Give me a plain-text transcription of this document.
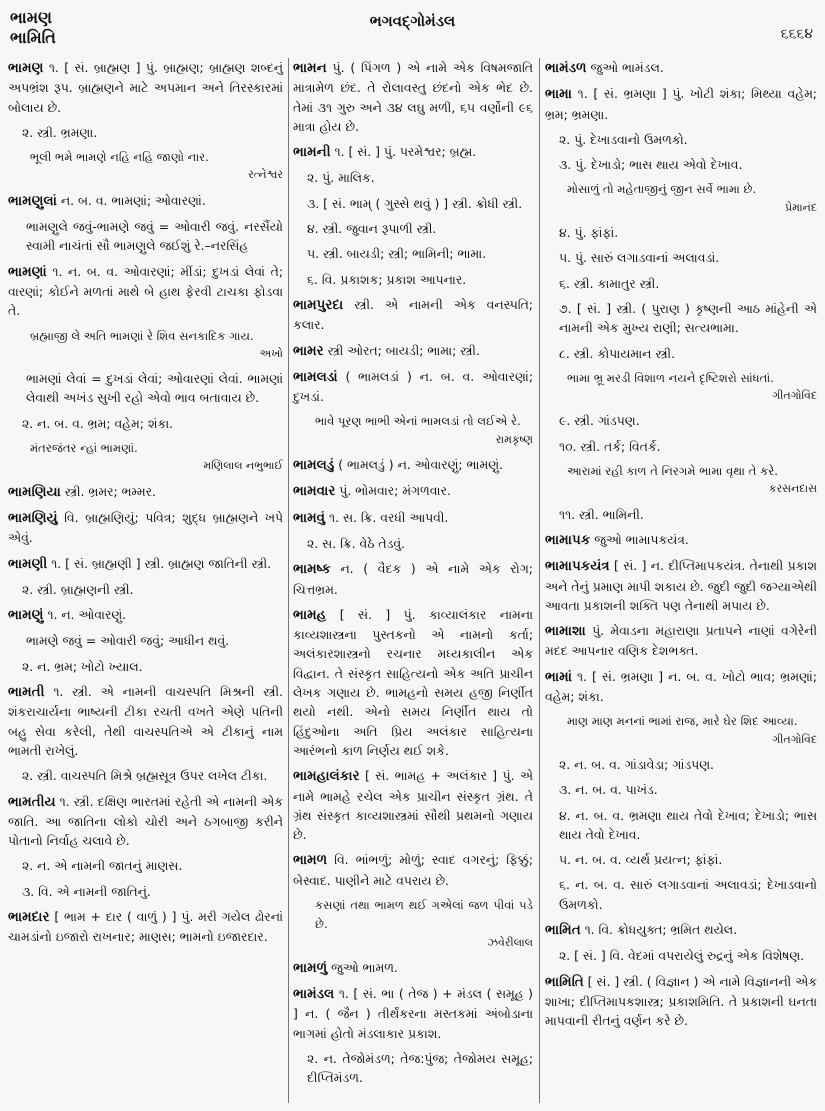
ભામણ
ભામિતિ
ભગવદ્ગોમંડલ
૬૬૬૪
ભામણ ૧. [ સં. બ્રાહ્મણ ] પું. બ્રાહ્મણ; બ્રાહ્મણ શબ્દનું અપભ્રંશ રૂપ. બ્રાહ્મણને માટે અપમાન અને તિરસ્કારમાં બોલાય છે.
૨. સ્ત્રી. ભ્રમણા.
ભૂલી ભમે ભામણે નહિ નહિ જાણો નાર.
રત્નેશ્વર
ભામણુલાં ન. બ. વ. ભામણાં; ઓવારણાં.
ભામણુલે જવું-ભામણે જવું = ઓવારી જવું. નરસૈંયો સ્વામી નાચંતાં સૌ ભામણુલે જઈશું રે.–નરસિંહ
ભામણાં ૧. ન. બ. વ. ઓવારણાં; મીંડાં; દુખડાં લેવાં તે; વારણાં; કોઈને મળતાં માથે બે હાથ ફેરવી ટાચકા ફોડવા તે.
બ્રહ્માજી લે અતિ ભામણાં રે શિવ સનકાદિક ગાય.
અખો
ભામણાં લેવાં = દુખડાં લેવાં; ઓવારણાં લેવાં. ભામણાં લેવાથી અખંડ સુખી રહો એવો ભાવ બતાવાય છે.
૨. ન. બ. વ. ભ્રમ; વહેમ; શંકા.
મંતરજંતર ન્હાં ભામણાં.
મણિલાલ નભુભાઈ
ભામણિયા સ્ત્રી. ભ્રમર; ભમ્મર.
ભામણિયું વિ. બ્રાહ્મણિયું; પવિત્ર; શુદ્ધ બ્રાહ્મણને ખપે એવું.
ભામણી ૧. [ સં. બ્રાહ્મણી ] સ્ત્રી. બ્રાહ્મણ જાતિની સ્ત્રી.
૨. સ્ત્રી. બ્રાહ્મણની સ્ત્રી.
ભામણું ૧. ન. ઓવારણું.
ભામણે જવું = ઓવારી જવું; આધીન થવું.
૨. ન. ભ્રમ; ખોટો ખ્યાલ.
ભામતી ૧. સ્ત્રી. એ નામની વાચસ્પતિ મિશ્રની સ્ત્રી. શંકરાચાર્યના ભાષ્યની ટીકા રચતી વખતે એણે પતિની બહુ સેવા કરેલી, તેથી વાચસ્પતિએ એ ટીકાનું નામ ભામતી રાખેલું.
૨. સ્ત્રી. વાચસ્પતિ મિશ્રે બ્રહ્મસૂત્ર ઉપર લખેલ ટીકા.
ભામતીય ૧. સ્ત્રી. દક્ષિણ ભારતમાં રહેતી એ નામની એક જાતિ. આ જાતિના લોકો ચોરી અને ઠગબાજી કરીને પોતાનો નિર્વાહ ચલાવે છે.
૨. ન. એ નામની જાતનું માણસ.
૩. વિ. એ નામની જાતિનું.
ભામદાર [ ભામ + દાર ( વાળું ) ] પું. મરી ગયેલ ઢોરનાં ચામડાંનો ઇજારો રાખનાર; માણસ; ભામનો ઇજારદાર.
ભામન પું. ( પિંગળ ) એ નામે એક વિષમજાતિ માત્રામેળ છંદ. તે રોલાવસ્તુ છંદનો એક ભેદ છે. તેમાં ૩૧ ગુરુ અને ૩૪ લઘુ મળી, ૬૫ વર્ણોની ૯૬ માત્રા હોય છે.
ભામની ૧. [ સં. ] પું. પરમેશ્વર; બ્રહ્મ.
૨. પું. માલિક.
૩. [ સં. ભામ્ ( ગુસ્સે થવું ) ] સ્ત્રી. ક્રોધી સ્ત્રી.
૪. સ્ત્રી. જુવાન રૂપાળી સ્ત્રી.
૫. સ્ત્રી. બાયડી; સ્ત્રી; ભામિની; ભામા.
૬. વિ. પ્રકાશક; પ્રકાશ આપનાર.
ભામપુરદા સ્ત્રી. એ નામની એક વનસ્પતિ; કલાર.
ભામર સ્ત્રી ઓરત; બાયડી; ભામા; સ્ત્રી.
ભામલડાં ( ભામલડાં ) ન. બ. વ. ઓવારણાં; દુખડાં.
ભાવે પૂરણ ભાભી એનાં ભામલડાં તો લઈએ રે.
રામકૃષ્ણ
ભામલડું ( ભામલડું ) ન. ઓવારણું; ભામણું.
ભામવાર પું. ભોમવાર; મંગળવાર.
ભામવું ૧. સ. ક્રિ. વરધી આપવી.
૨. સ. ક્રિ. વેઠે તેડવું.
ભામષ્ક ન. ( વૈદક ) એ નામે એક રોગ; ચિત્તભ્રમ.
ભામહ [ સં. ] પું. કાવ્યાલંકાર નામના કાવ્યશાસ્ત્રના પુસ્તકનો એ નામનો કર્તા; અલંકારશાસ્ત્રનો રચનાર મધ્યકાલીન એક વિદ્વાન. તે સંસ્કૃત સાહિત્યનો એક અતિ પ્રાચીન લેખક ગણાય છે. ભામહનો સમય હજી નિર્ણીત થયો નથી. એનો સમય નિર્ણીત થાય તો હિંદુઓના અતિ પ્રિય અલંકાર સાહિત્યના આરંભનો કાળ નિર્ણય થઈ શકે.
ભામહાલંકાર [ સં. ભામહ + અલંકાર ] પું. એ નામે ભામહે રચેલ એક પ્રાચીન સંસ્કૃત ગ્રંથ. તે ગ્રંથ સંસ્કૃત કાવ્યશાસ્ત્રમાં સૌથી પ્રથમનો ગણાય છે.
ભામળ વિ. ભાંભળું; મોળું; સ્વાદ વગરનું; ફિક્કું; બેસ્વાદ. પાણીને માટે વપરાય છે.
કસણાં તથા ભામળ થઈ ગએલાં જળ પીવાં પડે છે.
ઝવેરીલાલ
ભામળું જુઓ ભામળ.
ભામંડલ ૧. [ સં. ભા ( તેજ ) + મંડલ ( સમૂહ ) ] ન. ( જૈન ) તીર્થંકરના મસ્તકમાં અંબોડાના ભાગમાં હોતો મંડલાકાર પ્રકાશ.
૨. ન. તેજોમંડળ; તેજ:પુંજ; તેજોમય સમૂહ; દીપ્તિમંડળ.
ભામંડળ જુઓ ભામંડલ.
ભામા ૧. [ સં. ભ્રમણા ] પું. ખોટી શંકા; મિથ્યા વહેમ; ભ્રમ; ભ્રમણા.
૨. પું. દેખાડવાનો ઉમળકો.
૩. પું. દેખાડો; ભાસ થાય એવો દેખાવ.
મોસાળું તો મહેતાજીનું જીન સર્વે ભામા છે.
પ્રેમાનંદ
૪. પું. ફાંફાં.
૫. પું. સારું લગાડવાનાં અલાવડાં.
૬. સ્ત્રી. કામાતુર સ્ત્રી.
૭. [ સં. ] સ્ત્રી. ( પુરાણ ) કૃષ્ણની આઠ માંહેની એ નામની એક મુખ્ય રાણી; સત્યભામા.
૮. સ્ત્રી. કોપાયમાન સ્ત્રી.
ભામા ભ્રૂ મરડી વિશાળ નયને દૃષ્ટિશરો સાંધતાં.
ગીતગોવિંદ
૯. સ્ત્રી. ગાંડપણ.
૧૦. સ્ત્રી. તર્ક; વિતર્ક.
આરામાં રહી કાળ તે નિરગમે ભામા વૃથા તે કરે.
કરસનદાસ
૧૧. સ્ત્રી. ભામિની.
ભામાપક જુઓ ભામાપકયંત્ર.
ભામાપકયંત્ર [ સં. ] ન. દીપ્તિમાપકયંત્ર. તેનાથી પ્રકાશ અને તેનું પ્રમાણ માપી શકાય છે. જુદી જુદી જગ્યાએથી આવતા પ્રકાશની શક્તિ પણ તેનાથી મપાય છે.
ભામાશા પું. મેવાડના મહારાણા પ્રતાપને નાણાં વગેરેની મદદ આપનાર વણિક દેશભક્ત.
ભામાં ૧. [ સં. ભ્રમણા ] ન. બ. વ. ખોટો ભાવ; ભ્રમણાં; વહેમ; શંકા.
માણ માણ મનનાં ભામાં રાજ, મારે ઘેર શિદ આવ્યા.
ગીતગોવિંદ
૨. ન. બ. વ. ગાંડાવેડા; ગાંડપણ.
૩. ન. બ. વ. પાખંડ.
૪. ન. બ. વ. ભ્રમણા થાય તેવો દેખાવ; દેખાડો; ભાસ થાય તેવો દેખાવ.
૫. ન. બ. વ. વ્યર્થ પ્રયત્ન; ફાંફાં.
૬. ન. બ. વ. સારું લગાડવાનાં અલાવડાં; દેખાડવાનો ઉમળકો.
ભામિત ૧. વિ. ક્રોધયુક્ત; ભ્રમિત થયેલ.
૨. [ સં. ] વિ. વેદમાં વપરાયેલું રુદ્રનું એક વિશેષણ.
ભામિતિ [ સં. ] સ્ત્રી. ( વિજ્ઞાન ) એ નામે વિજ્ઞાનની એક શાખા; દીપ્તિમાપકશાસ્ત્ર; પ્રકાશમિતિ. તે પ્રકાશની ઘનતા માપવાની રીતનું વર્ણન કરે છે.
